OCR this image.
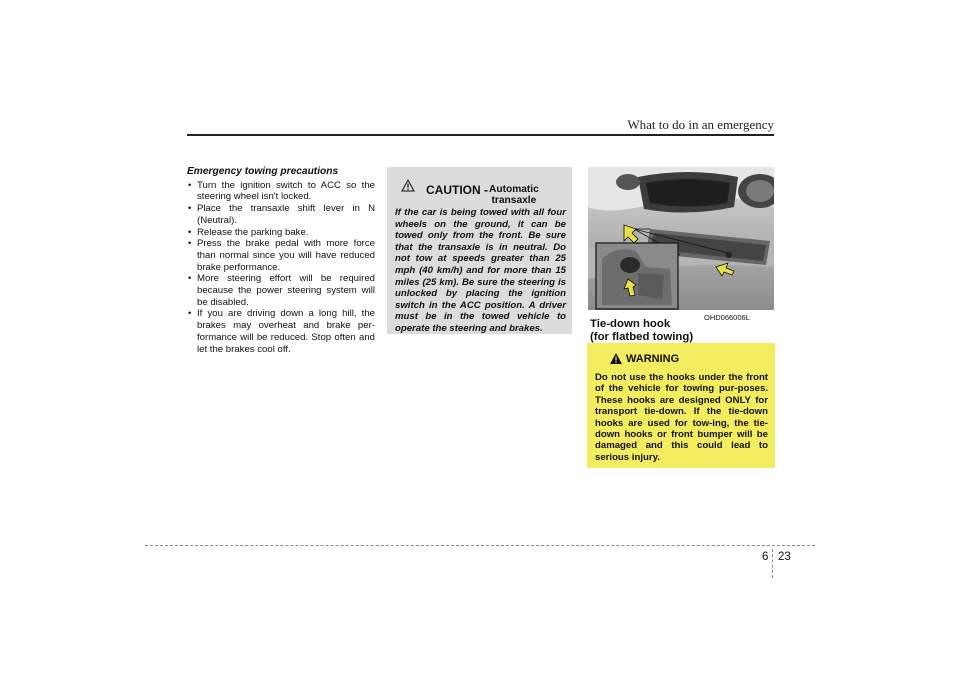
What to do in an emergency
Emergency towing precautions
• Turn the ignition switch to ACC so the steering wheel isn't locked.
• Place the transaxle shift lever in N (Neutral).
• Release the parking bake.
• Press the brake pedal with more force than normal since you will have reduced brake performance.
• More steering effort will be required because the power steering system will be disabled.
• If you are driving down a long hill, the brakes may overheat and brake per-formance will be reduced. Stop often and let the brakes cool off.
CAUTION - Automatic
transaxle
If the car is being towed with all four wheels on the ground, it can be towed only from the front. Be sure that the transaxle is in neutral. Do not tow at speeds greater than 25 mph (40 km/h) and for more than 15 miles (25 km). Be sure the steering is unlocked by placing the ignition switch in the ACC position. A driver must be in the towed vehicle to operate the steering and brakes.
OHD066006L
Tie-down hook
(for flatbed towing)
WARNING
Do not use the hooks under the front of the vehicle for towing pur-poses. These hooks are designed ONLY for transport tie-down. If the tie-down hooks are used for tow-ing, the tie-down hooks or front bumper will be damaged and this could lead to serious injury.
6 23
